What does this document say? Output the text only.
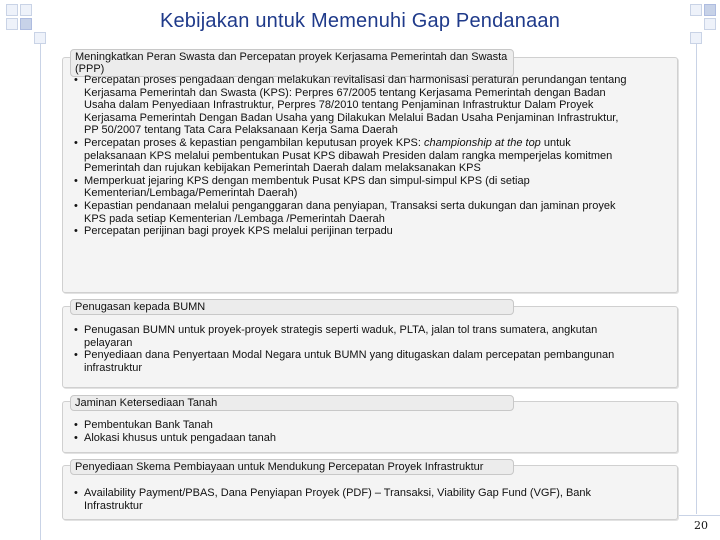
Kebijakan untuk Memenuhi Gap Pendanaan
Meningkatkan Peran Swasta dan Percepatan proyek Kerjasama Pemerintah dan Swasta (PPP)
• Percepatan proses pengadaan dengan melakukan revitalisasi dan harmonisasi peraturan perundangan tentang Kerjasama Pemerintah dan Swasta (KPS): Perpres 67/2005 tentang Kerjasama Pemerintah dengan Badan Usaha dalam Penyediaan Infrastruktur, Perpres 78/2010 tentang Penjaminan Infrastruktur Dalam Proyek Kerjasama Pemerintah Dengan Badan Usaha yang Dilakukan Melalui Badan Usaha Penjaminan Infrastruktur, PP 50/2007 tentang Tata Cara Pelaksanaan Kerja Sama Daerah
• Percepatan proses & kepastian pengambilan keputusan proyek KPS: championship at the top untuk pelaksanaan KPS melalui pembentukan Pusat KPS dibawah Presiden dalam rangka memperjelas komitmen Pemerintah dan rujukan kebijakan Pemerintah Daerah dalam melaksanakan KPS
• Memperkuat jejaring KPS dengan membentuk Pusat KPS dan simpul-simpul KPS (di setiap Kementerian/Lembaga/Pemerintah Daerah)
• Kepastian pendanaan melalui penganggaran dana penyiapan, Transaksi serta dukungan dan jaminan proyek KPS pada setiap Kementerian /Lembaga /Pemerintah Daerah
• Percepatan perijinan bagi proyek KPS melalui perijinan terpadu
Penugasan kepada BUMN
• Penugasan BUMN untuk proyek-proyek strategis seperti waduk, PLTA, jalan tol trans sumatera, angkutan pelayaran
• Penyediaan dana Penyertaan Modal Negara untuk BUMN yang ditugaskan dalam percepatan pembangunan infrastruktur
Jaminan Ketersediaan Tanah
• Pembentukan Bank Tanah
• Alokasi khusus untuk pengadaan tanah
Penyediaan Skema Pembiayaan untuk Mendukung Percepatan Proyek Infrastruktur
• Availability Payment/PBAS, Dana Penyiapan Proyek (PDF) – Transaksi, Viability Gap Fund (VGF), Bank Infrastruktur
20
